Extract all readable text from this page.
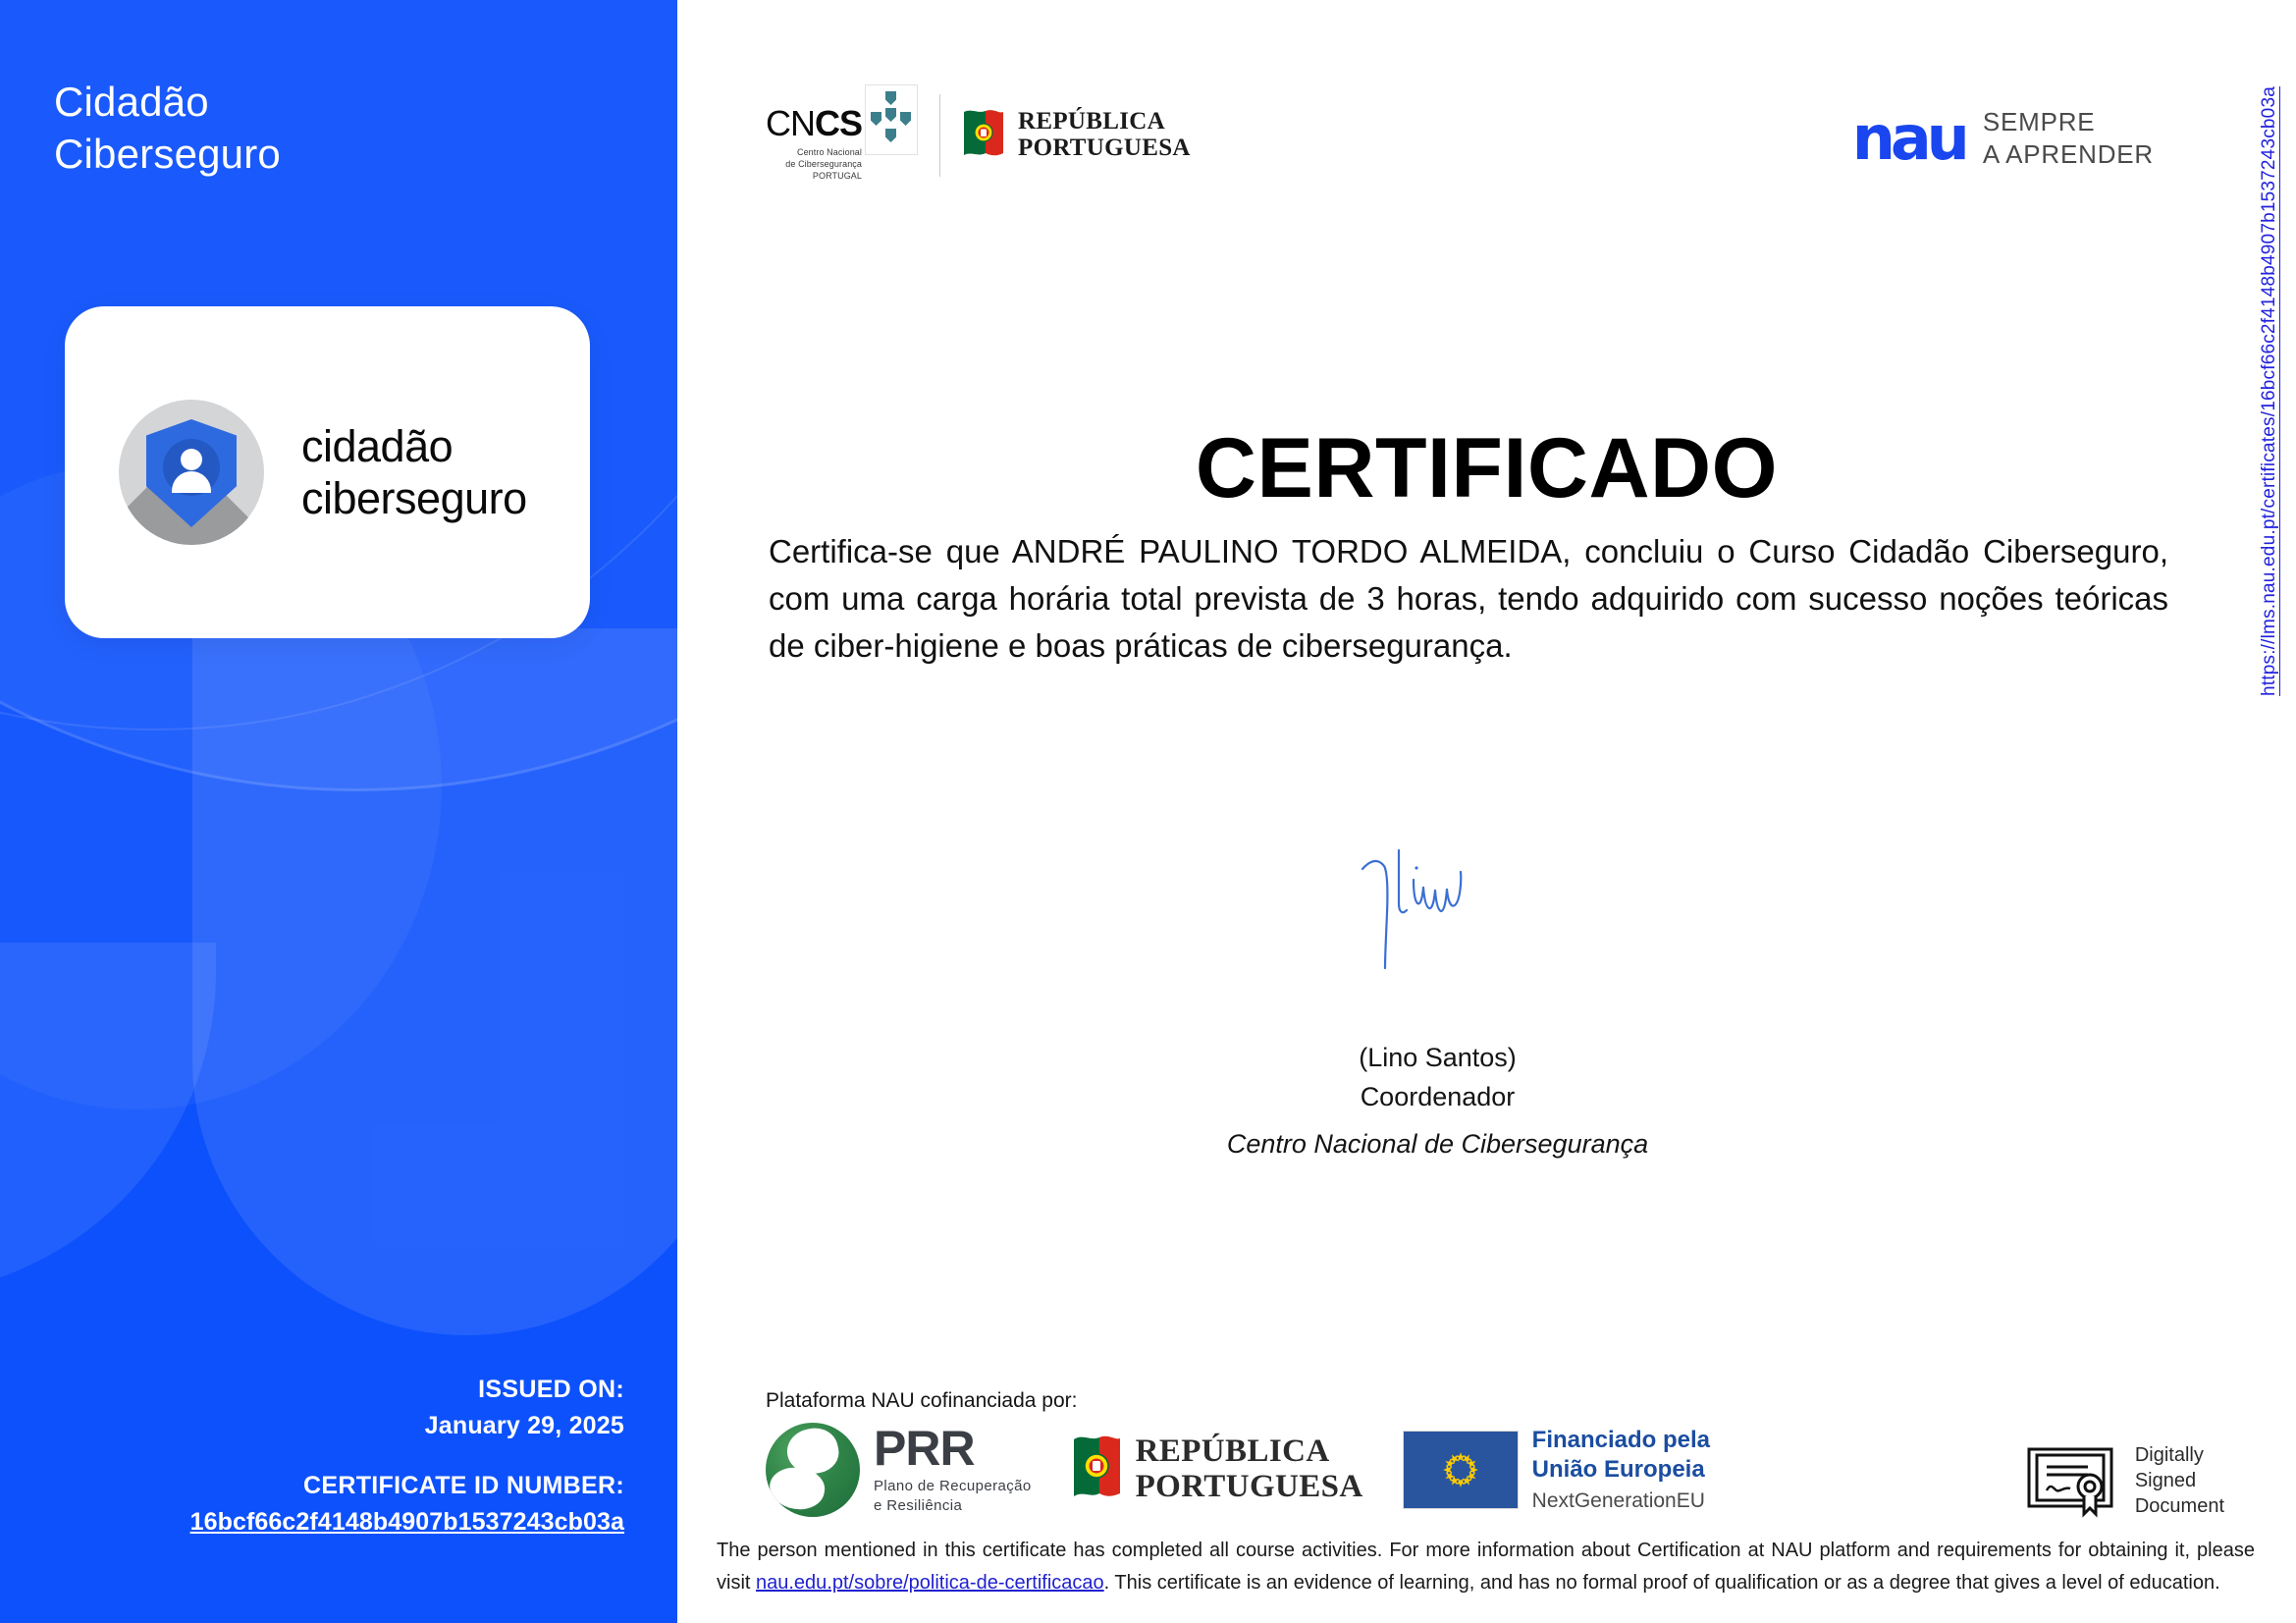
Cidadão
Ciberseguro
cidadão
ciberseguro
ISSUED ON:
January 29, 2025
CERTIFICATE ID NUMBER:
16bcf66c2f4148b4907b1537243cb03a
https://lms.nau.edu.pt/certificates/16bcf66c2f4148b4907b1537243cb03a
CNCS
Centro Nacional
de Cibersegurança
PORTUGAL
REPÚBLICA
PORTUGUESA	nau SEMPRE
A APRENDER
CERTIFICADO

Certifica-se que ANDRÉ PAULINO TORDO ALMEIDA, concluiu o Curso Cidadão Ciberseguro, com uma carga horária total prevista de 3 horas, tendo adquirido com sucesso noções teóricas de ciber-higiene e boas práticas de cibersegurança.

(Lino Santos)
Coordenador
Centro Nacional de Cibersegurança
Plataforma NAU cofinanciada por:
PRR
Plano de Recuperação
e Resiliência
REPÚBLICA
PORTUGUESA
Financiado pela
União Europeia
NextGenerationEU
Digitally
Signed
Document
The person mentioned in this certificate has completed all course activities. For more information about Certification at NAU platform and requirements for obtaining it, please visit nau.edu.pt/sobre/politica-de-certificacao. This certificate is an evidence of learning, and has no formal proof of qualification or as a degree that gives a level of education.
